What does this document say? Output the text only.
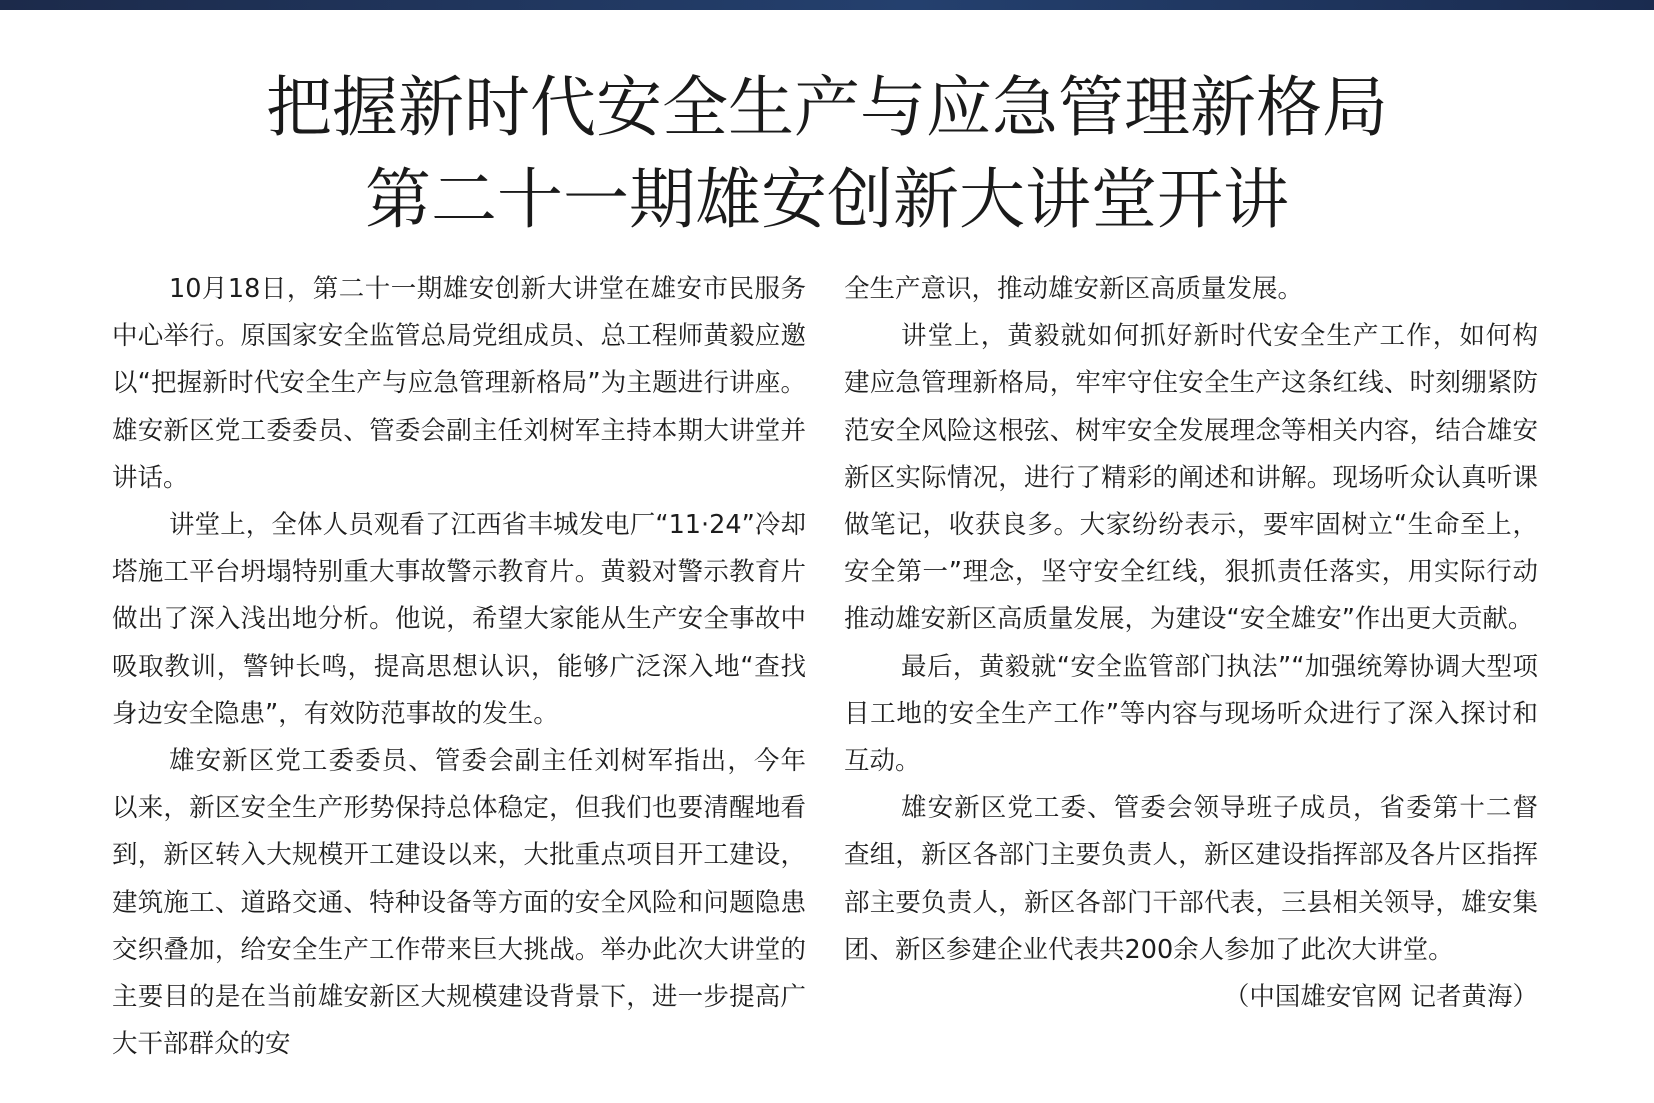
把握新时代安全生产与应急管理新格局
第二十一期雄安创新大讲堂开讲

10月18日，第二十一期雄安创新大讲堂在雄安市民服务中心举行。原国家安全监管总局党组成员、总工程师黄毅应邀以“把握新时代安全生产与应急管理新格局”为主题进行讲座。雄安新区党工委委员、管委会副主任刘树军主持本期大讲堂并讲话。

讲堂上，全体人员观看了江西省丰城发电厂“11·24”冷却塔施工平台坍塌特别重大事故警示教育片。黄毅对警示教育片做出了深入浅出地分析。他说，希望大家能从生产安全事故中吸取教训，警钟长鸣，提高思想认识，能够广泛深入地“查找身边安全隐患”，有效防范事故的发生。

雄安新区党工委委员、管委会副主任刘树军指出，今年以来，新区安全生产形势保持总体稳定，但我们也要清醒地看到，新区转入大规模开工建设以来，大批重点项目开工建设，建筑施工、道路交通、特种设备等方面的安全风险和问题隐患交织叠加，给安全生产工作带来巨大挑战。举办此次大讲堂的主要目的是在当前雄安新区大规模建设背景下，进一步提高广大干部群众的安

全生产意识，推动雄安新区高质量发展。

讲堂上，黄毅就如何抓好新时代安全生产工作，如何构建应急管理新格局，牢牢守住安全生产这条红线、时刻绷紧防范安全风险这根弦、树牢安全发展理念等相关内容，结合雄安新区实际情况，进行了精彩的阐述和讲解。现场听众认真听课做笔记，收获良多。大家纷纷表示，要牢固树立“生命至上，安全第一”理念，坚守安全红线，狠抓责任落实，用实际行动推动雄安新区高质量发展，为建设“安全雄安”作出更大贡献。

最后，黄毅就“安全监管部门执法”“加强统筹协调大型项目工地的安全生产工作”等内容与现场听众进行了深入探讨和互动。

雄安新区党工委、管委会领导班子成员，省委第十二督查组，新区各部门主要负责人，新区建设指挥部及各片区指挥部主要负责人，新区各部门干部代表，三县相关领导，雄安集团、新区参建企业代表共200余人参加了此次大讲堂。
（中国雄安官网 记者黄海）
